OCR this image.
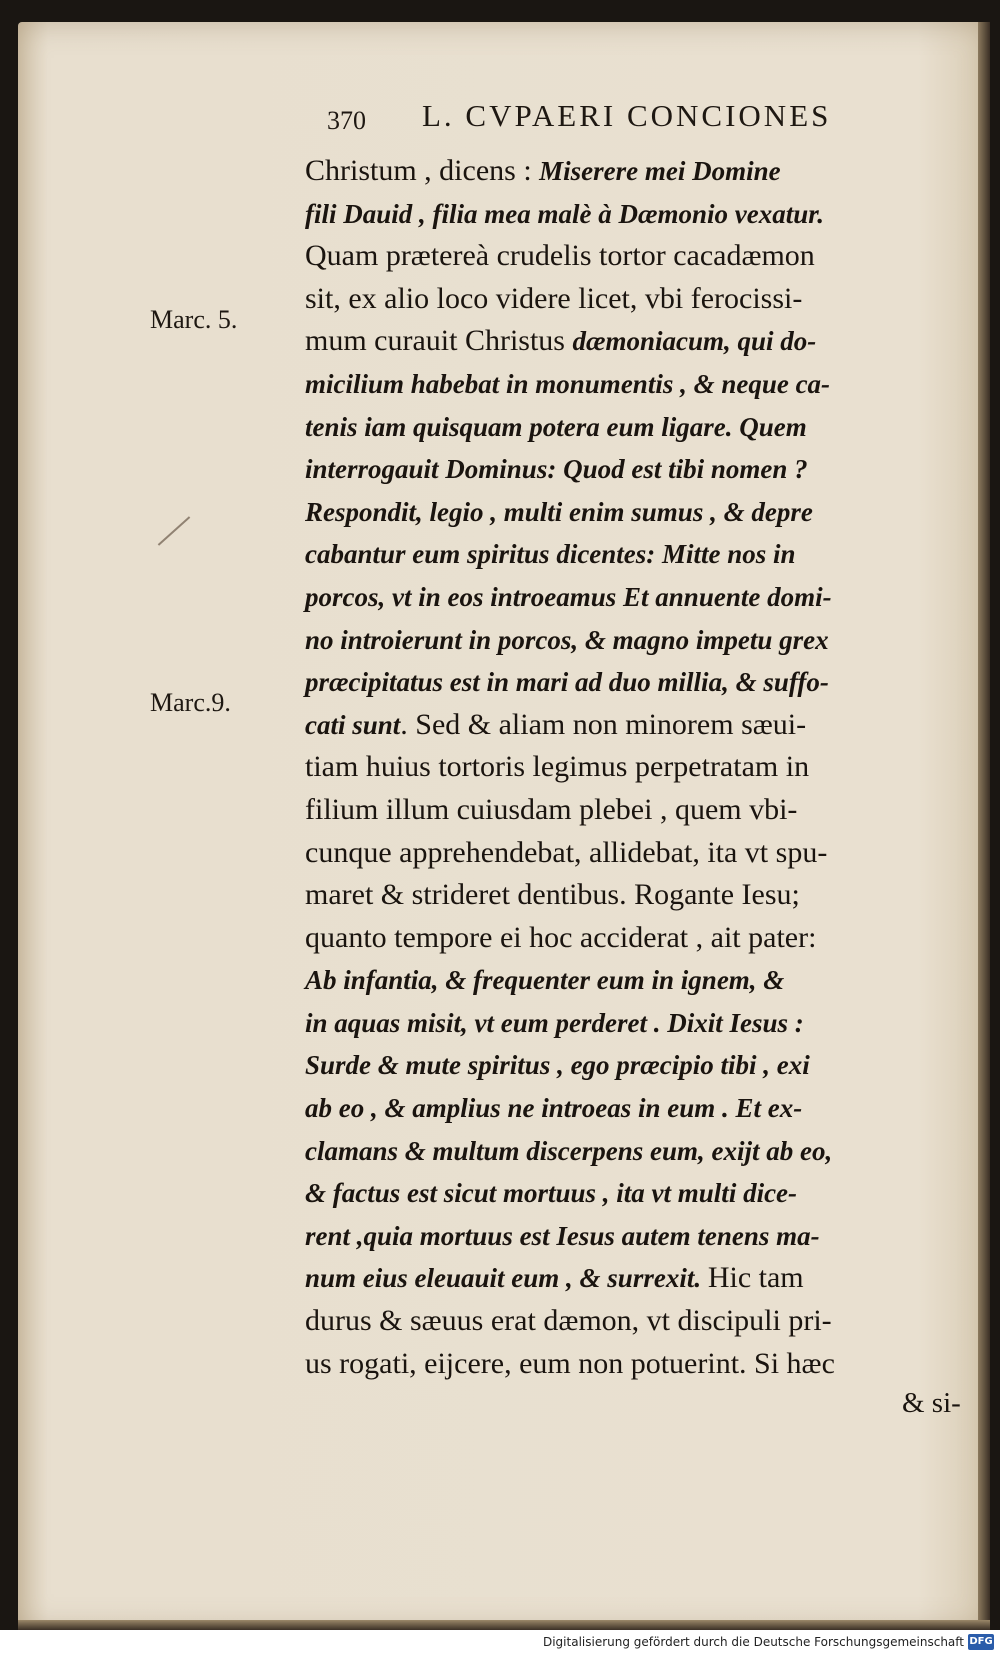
370 L. CVPAERI CONCIONES
Marc. 5.
Marc.9.
Christum , dicens : Miserere mei Domine
fili Dauid , filia mea malè à Dæmonio vexatur.
Quam prætereà crudelis tortor cacadæmon
sit, ex alio loco videre licet, vbi ferocissi-
mum curauit Christus dæmoniacum, qui do-
micilium habebat in monumentis , & neque ca-
tenis iam quisquam potera eum ligare. Quem
interrogauit Dominus: Quod est tibi nomen ?
Respondit, legio , multi enim sumus , & depre
cabantur eum spiritus dicentes: Mitte nos in
porcos, vt in eos introeamus Et annuente domi-
no introierunt in porcos, & magno impetu grex
præcipitatus est in mari ad duo millia, & suffo-
cati sunt. Sed & aliam non minorem sæui-
tiam huius tortoris legimus perpetratam in
filium illum cuiusdam plebei , quem vbi-
cunque apprehendebat, allidebat, ita vt spu-
maret & strideret dentibus. Rogante Iesu;
quanto tempore ei hoc acciderat , ait pater:
Ab infantia, & frequenter eum in ignem, &
in aquas misit, vt eum perderet . Dixit Iesus :
Surde & mute spiritus , ego præcipio tibi , exi
ab eo , & amplius ne introeas in eum . Et ex-
clamans & multum discerpens eum, exijt ab eo,
& factus est sicut mortuus , ita vt multi dice-
rent ,quia mortuus est Iesus autem tenens ma-
num eius eleuauit eum , & surrexit. Hic tam
durus & sæuus erat dæmon, vt discipuli pri-
us rogati, eijcere, eum non potuerint. Si hæc
& si-
Digitalisierung gefördert durch die Deutsche Forschungsgemeinschaft DFG
